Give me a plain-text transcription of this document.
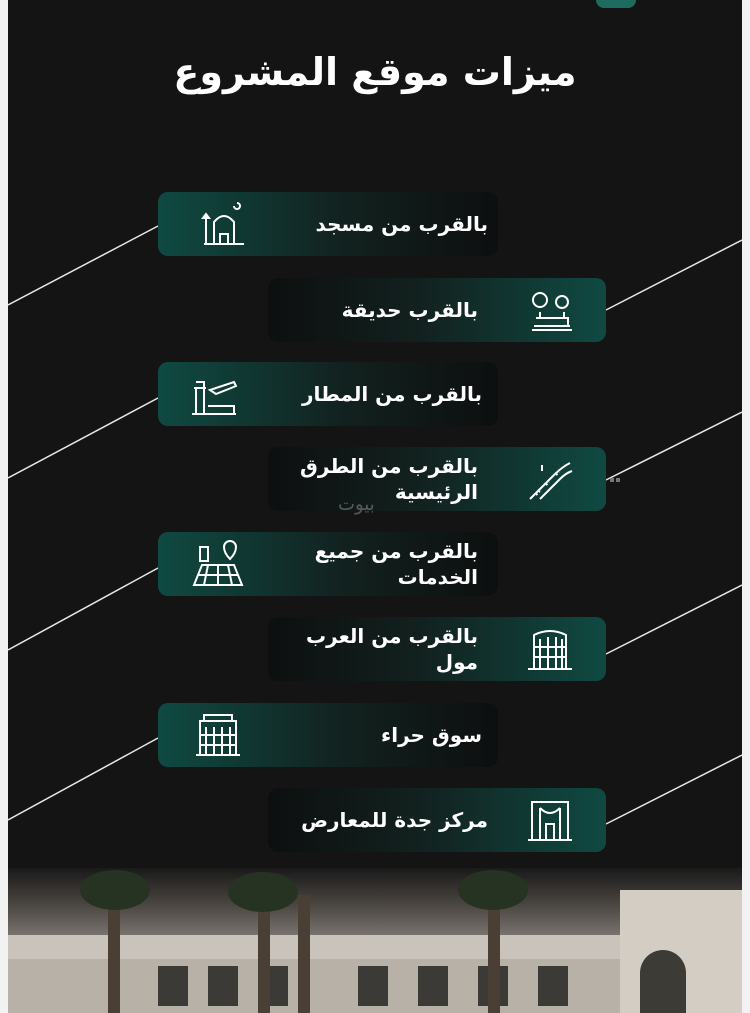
ميزات موقع المشروع
بالقرب من مسجد
بالقرب حديقة
بالقرب من المطار
بالقرب من الطرق
الرئيسية
بالقرب من جميع
الخدمات
بالقرب من العرب
مول
سوق حراء
مركز جدة للمعارض
بيوت
